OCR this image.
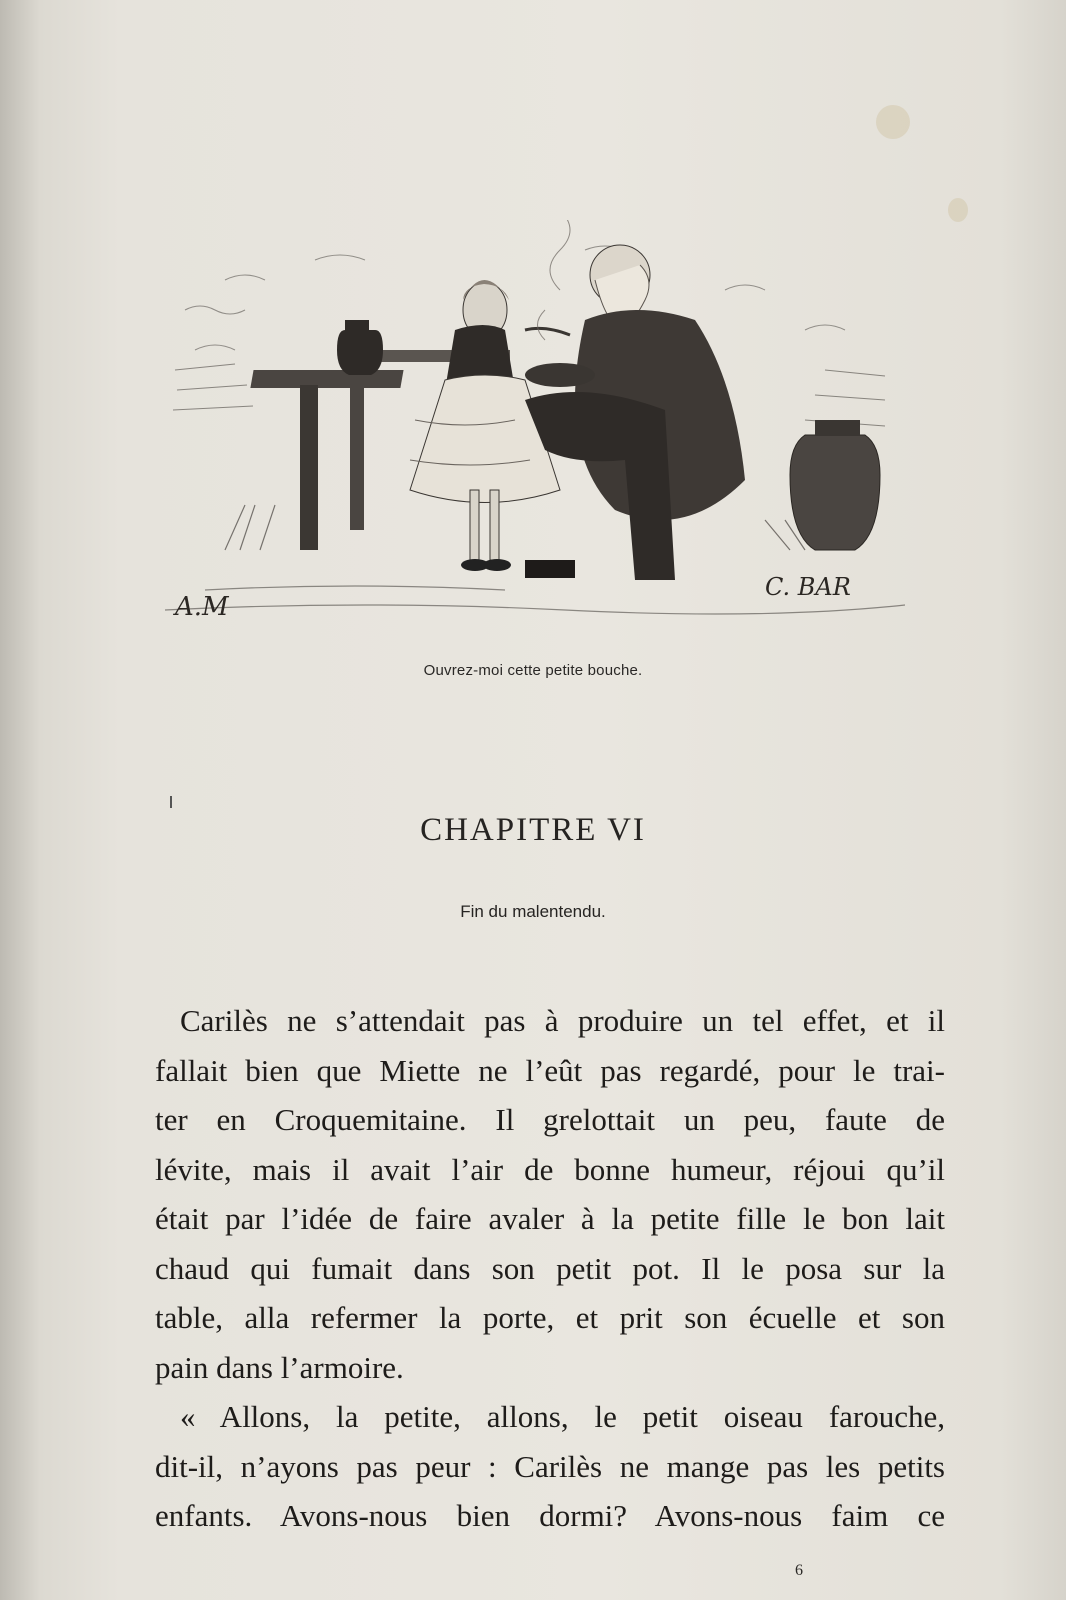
A.M
C. BAR
Ouvrez-moi cette petite bouche.
CHAPITRE VI
Fin du malentendu.

Carilès ne s’attendait pas à produire un tel effet, et il
fallait bien que Miette ne l’eût pas regardé, pour le trai-
ter en Croquemitaine. Il grelottait un peu, faute de
lévite, mais il avait l’air de bonne humeur, réjoui qu’il
était par l’idée de faire avaler à la petite fille le bon lait
chaud qui fumait dans son petit pot. Il le posa sur la
table, alla refermer la porte, et prit son écuelle et son
pain dans l’armoire.

« Allons, la petite, allons, le petit oiseau farouche,
dit-il, n’ayons pas peur : Carilès ne mange pas les petits
enfants. Avons-nous bien dormi? Avons-nous faim ce

6
